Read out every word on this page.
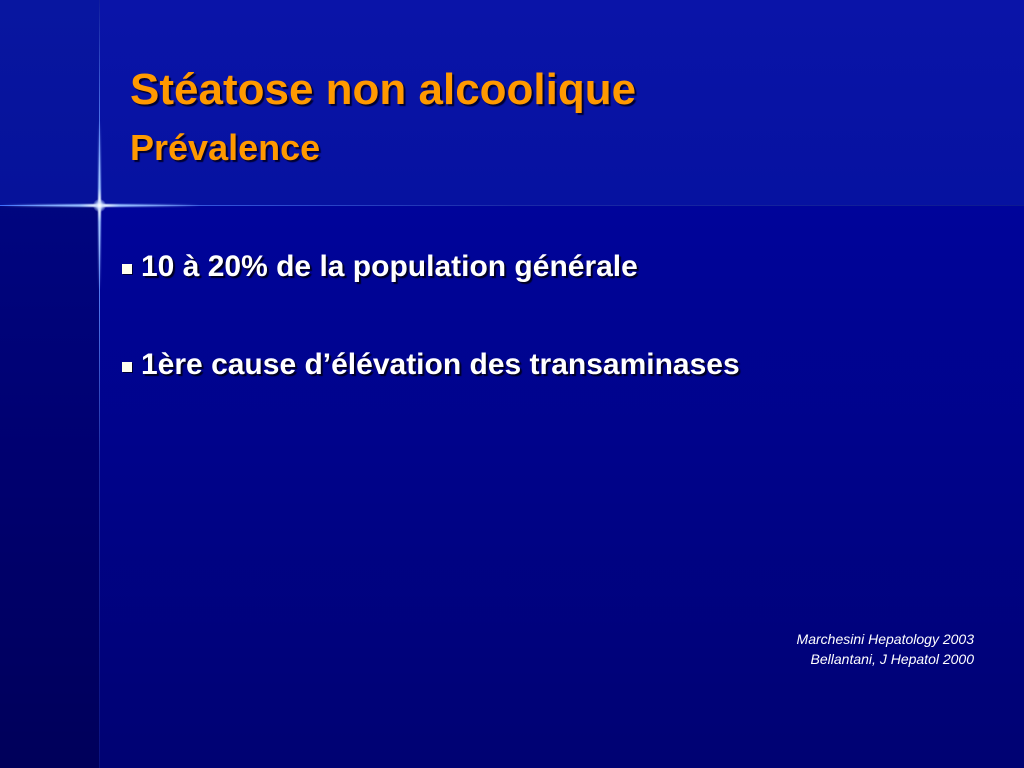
Stéatose non alcoolique
Prévalence
10 à 20% de la population générale
1ère cause d’élévation des transaminases
Marchesini Hepatology 2003
Bellantani, J Hepatol 2000
